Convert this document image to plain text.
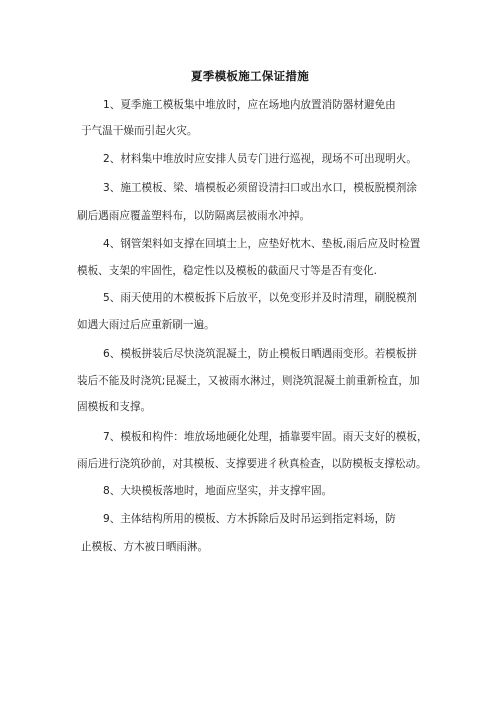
夏季模板施工保证措施
1、夏季施工模板集中堆放时，应在场地内放置消防器材避免由
于气温干燥而引起火灾。
2、材料集中堆放时应安排人员专门进行巡视，现场不可出现明火。
3、施工模板、梁、墙模板必须留设清扫口或出水口，模板脱模剂涂
刷后遇雨应覆盖塑料布，以防隔离层被雨水冲掉。
4、钢管架料如支撑在回填士上，应垫好枕木、垫板,雨后应及时检置
模板、支架的牢固性，稳定性以及模板的截面尺寸等是否有变化.
5、雨天使用的木模板拆下后放平，以免变形并及时清理，刷脱模剂
如遇大雨过后应重新刷一遍。
6、模板拼装后尽快浇筑混凝土，防止模板日晒遇雨变形。若模板拼
装后不能及时浇筑;昆凝土，又被雨水淋过，则浇筑混凝土前重新检直，加
固模板和支撑。
7、模板和构件：堆放场地硬化处理，插靠要牢固。雨天支好的模板，
雨后进行浇筑砂前，对其模板、支撑要进彳秋真检查，以防模板支撑松动。
8、大块模板落地时，地面应坚实，并支撑牢固。
9、主体结构所用的模板、方木拆除后及时吊运到指定料场，防
止模板、方木被日晒雨淋。
